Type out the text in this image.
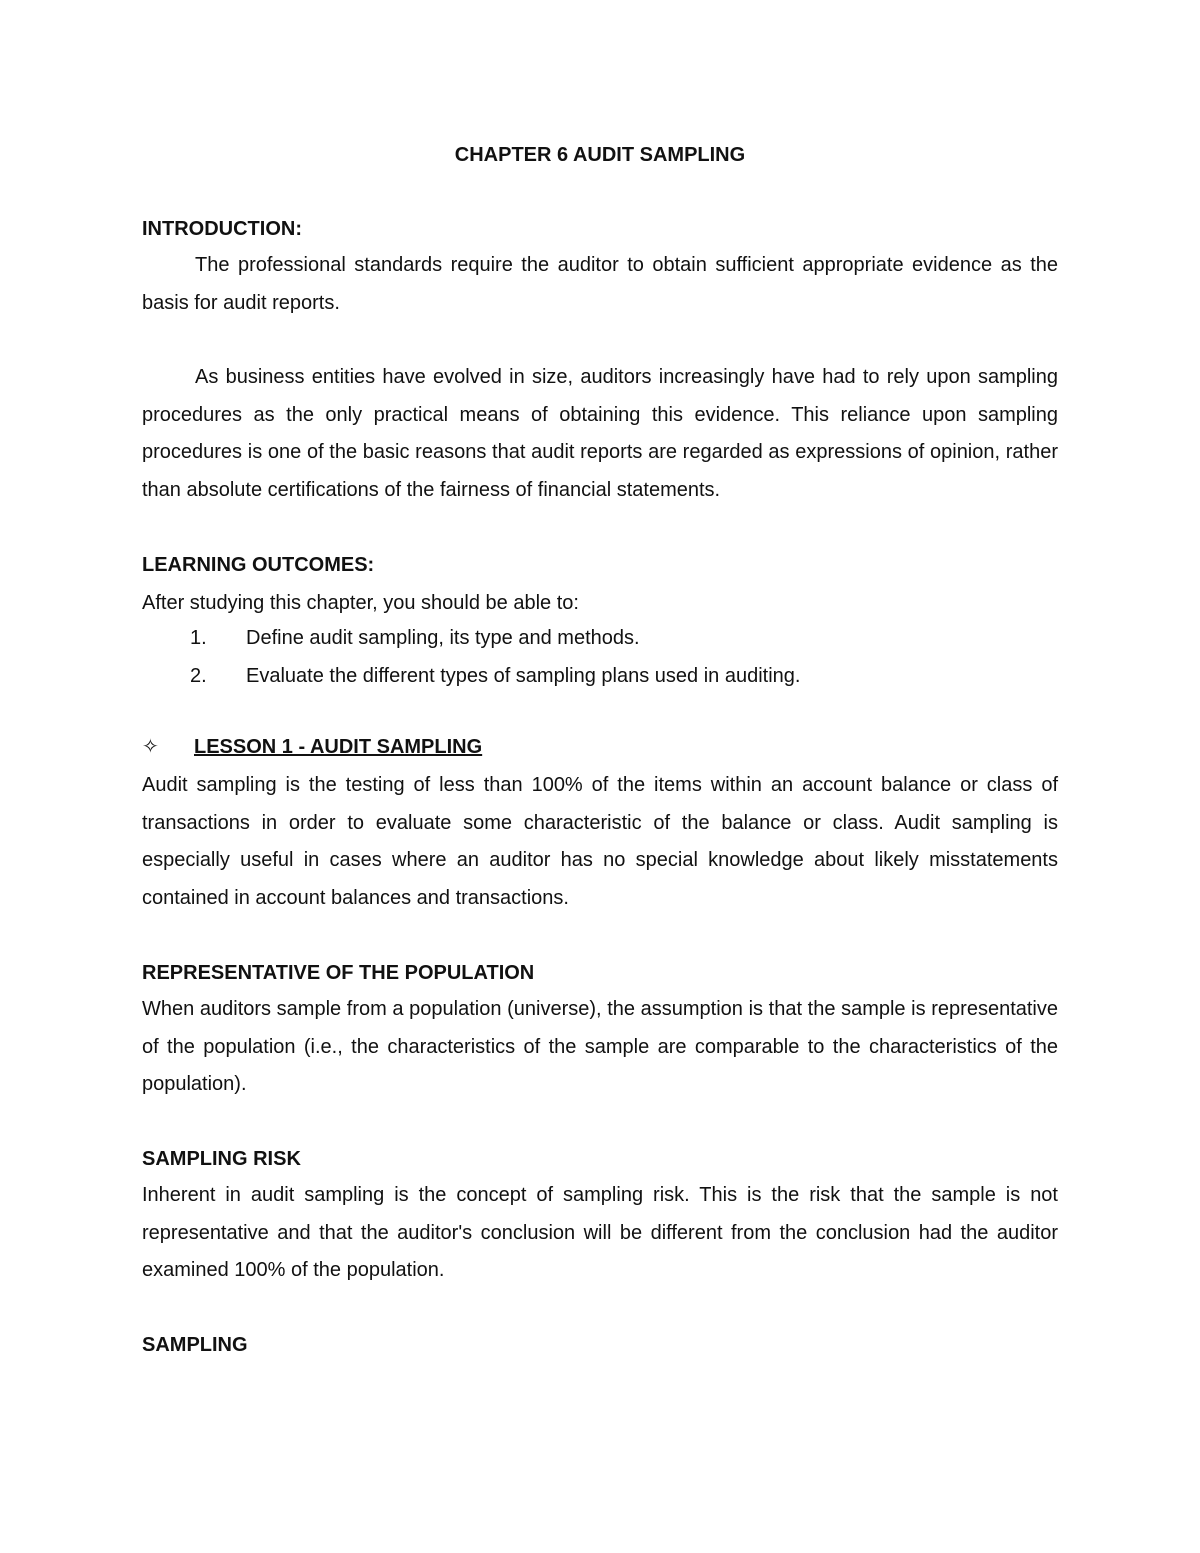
CHAPTER 6 AUDIT SAMPLING
INTRODUCTION:

The professional standards require the auditor to obtain sufficient appropriate evidence as the basis for audit reports.

As business entities have evolved in size, auditors increasingly have had to rely upon sampling procedures as the only practical means of obtaining this evidence. This reliance upon sampling procedures is one of the basic reasons that audit reports are regarded as expressions of opinion, rather than absolute certifications of the fairness of financial statements.

LEARNING OUTCOMES:
After studying this chapter, you should be able to:
1. Define audit sampling, its type and methods.
2. Evaluate the different types of sampling plans used in auditing.
✧ LESSON 1 - AUDIT SAMPLING

Audit sampling is the testing of less than 100% of the items within an account balance or class of transactions in order to evaluate some characteristic of the balance or class. Audit sampling is especially useful in cases where an auditor has no special knowledge about likely misstatements contained in account balances and transactions.

REPRESENTATIVE OF THE POPULATION

When auditors sample from a population (universe), the assumption is that the sample is representative of the population (i.e., the characteristics of the sample are comparable to the characteristics of the population).

SAMPLING RISK

Inherent in audit sampling is the concept of sampling risk. This is the risk that the sample is not representative and that the auditor's conclusion will be different from the conclusion had the auditor examined 100% of the population.

SAMPLING
